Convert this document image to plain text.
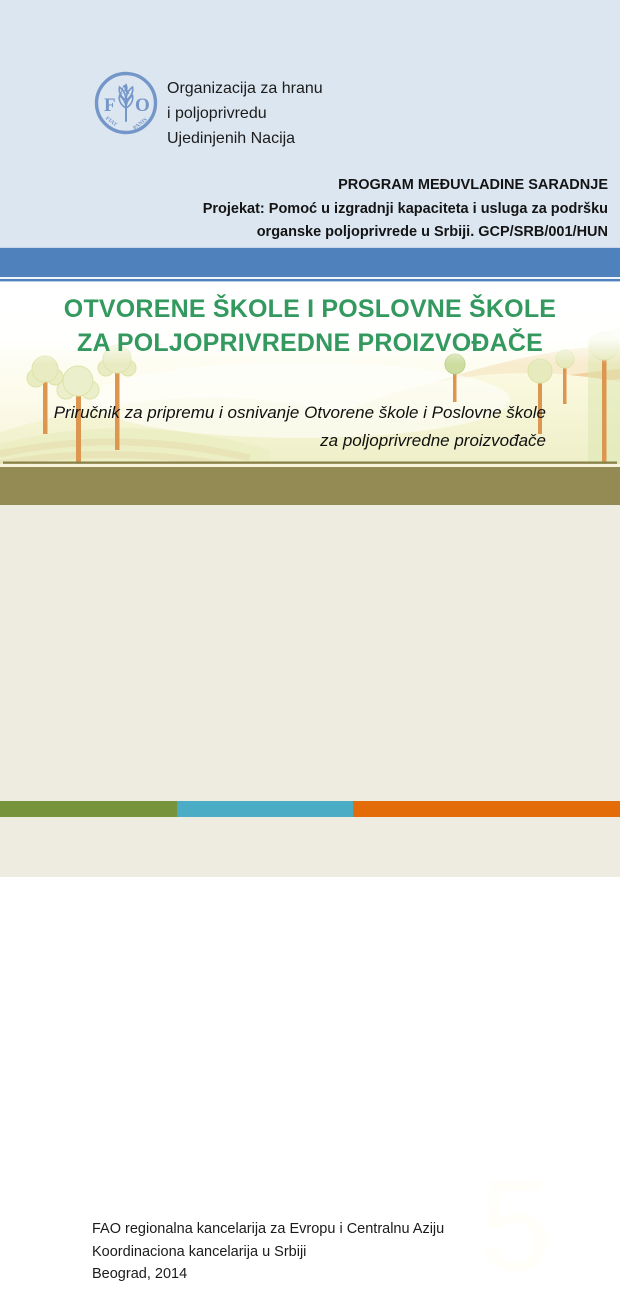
F
A
O
FIAT	PANIS
Organizacija za hranu
i poljoprivredu
Ujedinjenih Nacija
PROGRAM MEĐUVLADINE SARADNJE
Projekat: Pomoć u izgradnji kapaciteta i usluga za podršku
organske poljoprivrede u Srbiji. GCP/SRB/001/HUN
OTVORENE ŠKOLE I POSLOVNE ŠKOLE
ZA POLJOPRIVREDNE PROIZVOĐAČE
Priručnik za pripremu i osnivanje Otvorene škole i Poslovne škole
za poljoprivredne proizvođače
5
FAO regionalna kancelarija za Evropu i Centralnu Aziju
Koordinaciona kancelarija u Srbiji
Beograd, 2014
